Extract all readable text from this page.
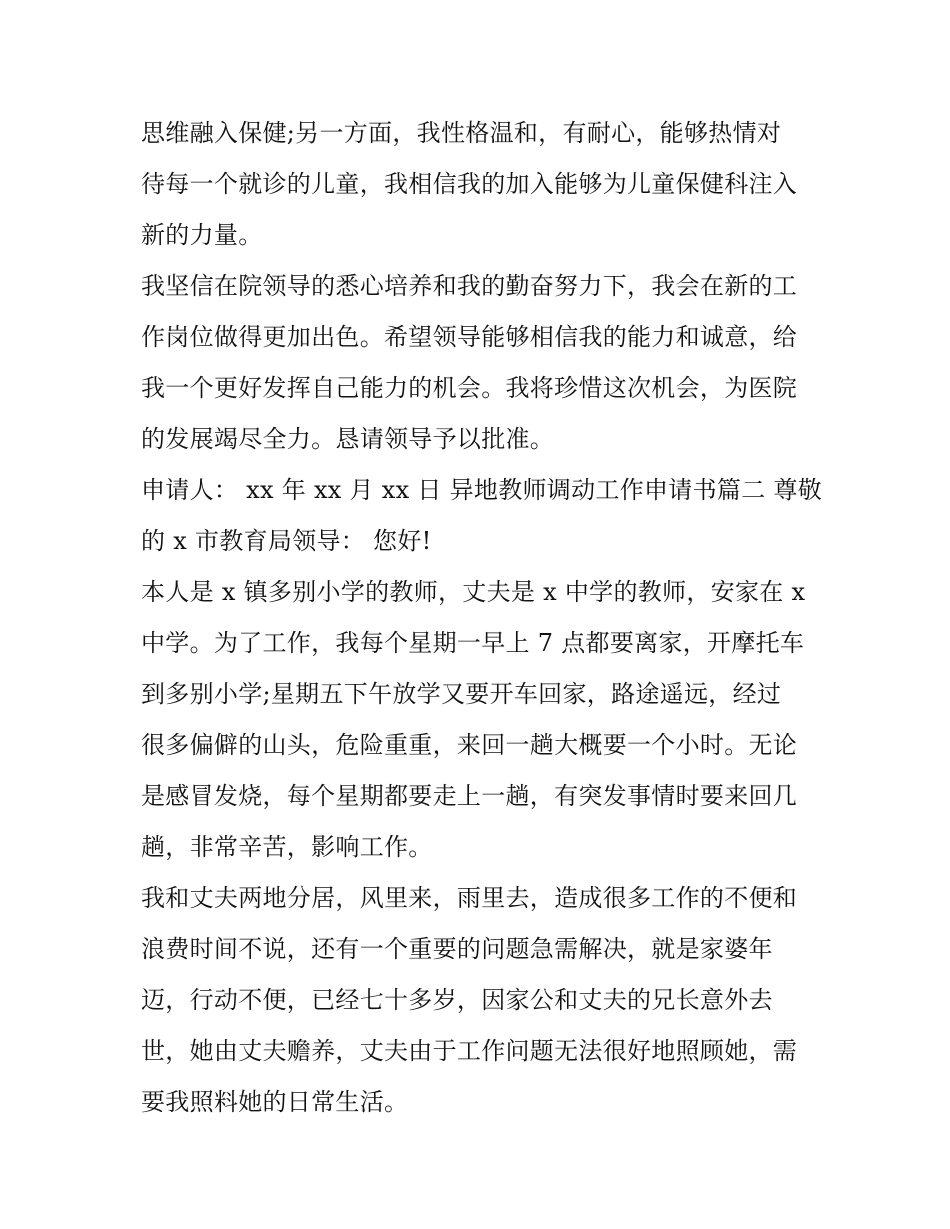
思维融入保健;另一方面，我性格温和，有耐心，能够热情对
待每一个就诊的儿童，我相信我的加入能够为儿童保健科注入
新的力量。
我坚信在院领导的悉心培养和我的勤奋努力下，我会在新的工
作岗位做得更加出色。希望领导能够相信我的能力和诚意，给
我一个更好发挥自己能力的机会。我将珍惜这次机会，为医院
的发展竭尽全力。恳请领导予以批准。
申请人： xx 年 xx 月 xx 日 异地教师调动工作申请书篇二 尊敬
的 x 市教育局领导： 您好!
本人是 x 镇多别小学的教师，丈夫是 x 中学的教师，安家在 x
中学。为了工作，我每个星期一早上 7 点都要离家，开摩托车
到多别小学;星期五下午放学又要开车回家，路途遥远，经过
很多偏僻的山头，危险重重，来回一趟大概要一个小时。无论
是感冒发烧，每个星期都要走上一趟，有突发事情时要来回几
趟，非常辛苦，影响工作。
我和丈夫两地分居，风里来，雨里去，造成很多工作的不便和
浪费时间不说，还有一个重要的问题急需解决，就是家婆年
迈，行动不便，已经七十多岁，因家公和丈夫的兄长意外去
世，她由丈夫赡养，丈夫由于工作问题无法很好地照顾她，需
要我照料她的日常生活。
